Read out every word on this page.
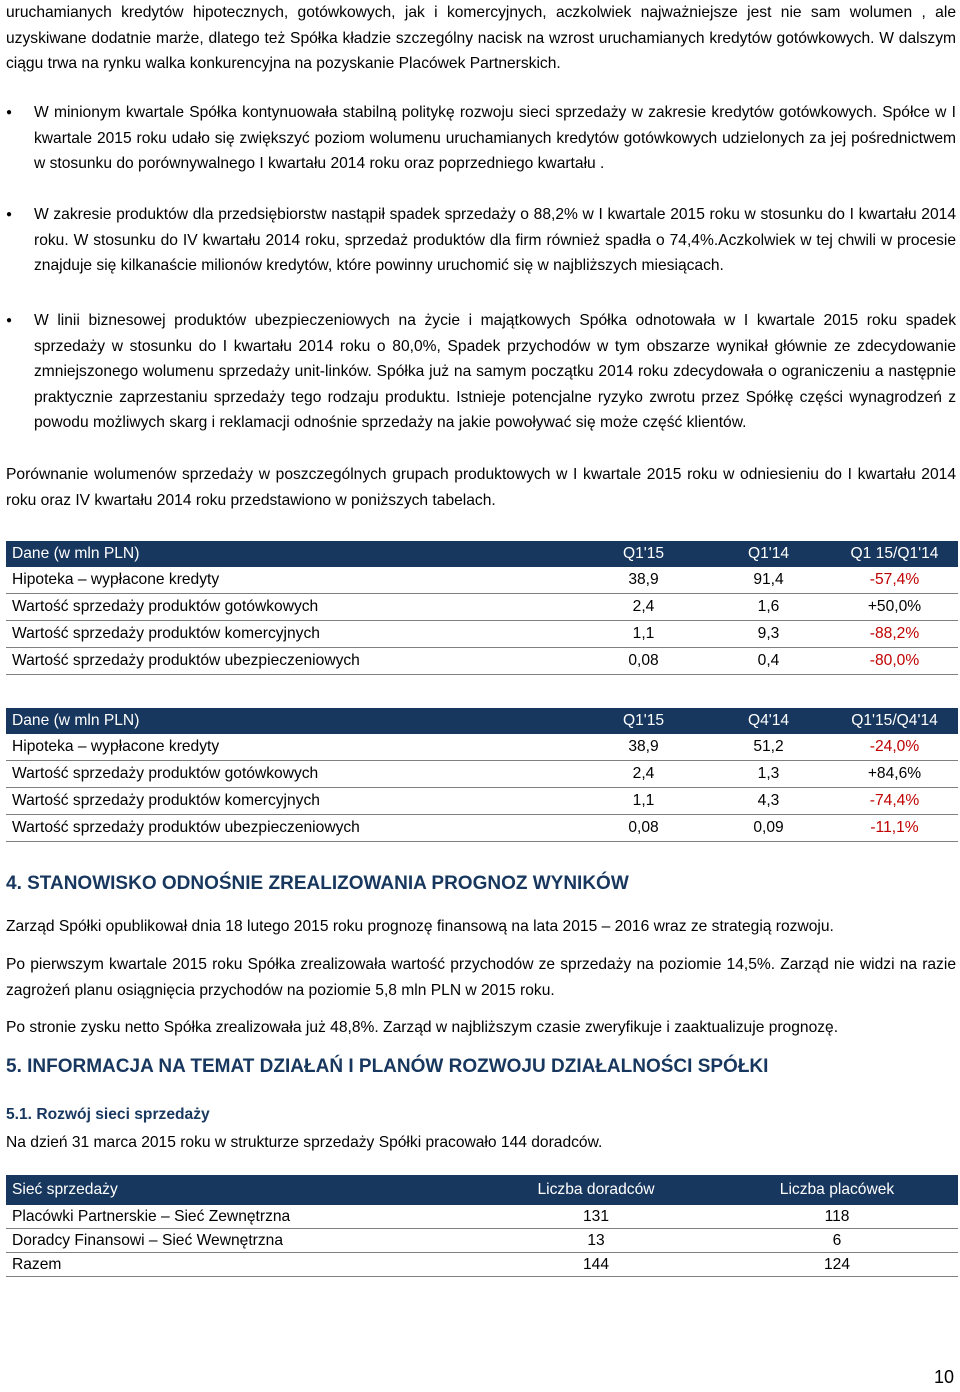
uruchamianych kredytów hipotecznych, gotówkowych, jak i komercyjnych, aczkolwiek najważniejsze jest nie sam wolumen , ale uzyskiwane dodatnie marże, dlatego też Spółka kładzie szczególny nacisk na wzrost uruchamianych kredytów gotówkowych. W dalszym ciągu trwa na rynku walka konkurencyjna na pozyskanie Placówek Partnerskich.

●	W minionym kwartale Spółka kontynuowała stabilną politykę rozwoju sieci sprzedaży w zakresie kredytów gotówkowych. Spółce w I kwartale 2015 roku udało się zwiększyć poziom wolumenu uruchamianych kredytów gotówkowych udzielonych za jej pośrednictwem w stosunku do porównywalnego I kwartału 2014 roku oraz poprzedniego kwartału .

●	W zakresie produktów dla przedsiębiorstw nastąpił spadek sprzedaży o 88,2% w I kwartale 2015 roku w stosunku do I kwartału 2014 roku. W stosunku do IV kwartału 2014 roku, sprzedaż produktów dla firm również spadła o 74,4%.Aczkolwiek w tej chwili w procesie znajduje się kilkanaście milionów kredytów, które powinny uruchomić się w najbliższych miesiącach.

●	W linii biznesowej produktów ubezpieczeniowych na życie i majątkowych Spółka odnotowała w I kwartale 2015 roku spadek sprzedaży w stosunku do I kwartału 2014 roku o 80,0%, Spadek przychodów w tym obszarze wynikał głównie ze zdecydowanie zmniejszonego wolumenu sprzedaży unit-linków. Spółka już na samym początku 2014 roku zdecydowała o ograniczeniu a następnie praktycznie zaprzestaniu sprzedaży tego rodzaju produktu. Istnieje potencjalne ryzyko zwrotu przez Spółkę części wynagrodzeń z powodu możliwych skarg i reklamacji odnośnie sprzedaży na jakie powoływać się może część klientów.

Porównanie wolumenów sprzedaży w poszczególnych grupach produktowych w I kwartale 2015 roku w odniesieniu do I kwartału 2014 roku oraz IV kwartału 2014 roku przedstawiono w poniższych tabelach.

Dane (w mln PLN)	Q1'15	Q1'14	Q1 15/Q1'14
Hipoteka – wypłacone kredyty	38,9	91,4	-57,4%
Wartość sprzedaży produktów gotówkowych	2,4	1,6	+50,0%
Wartość sprzedaży produktów komercyjnych	1,1	9,3	-88,2%
Wartość sprzedaży produktów ubezpieczeniowych	0,08	0,4	-80,0%
Dane (w mln PLN)	Q1'15	Q4'14	Q1'15/Q4'14
Hipoteka – wypłacone kredyty	38,9	51,2	-24,0%
Wartość sprzedaży produktów gotówkowych	2,4	1,3	+84,6%
Wartość sprzedaży produktów komercyjnych	1,1	4,3	-74,4%
Wartość sprzedaży produktów ubezpieczeniowych	0,08	0,09	-11,1%
4. STANOWISKO ODNOŚNIE ZREALIZOWANIA PROGNOZ WYNIKÓW

Zarząd Spółki opublikował dnia 18 lutego 2015 roku prognozę finansową na lata 2015 – 2016 wraz ze strategią rozwoju.

Po pierwszym kwartale 2015 roku Spółka zrealizowała wartość przychodów ze sprzedaży na poziomie 14,5%. Zarząd nie widzi na razie zagrożeń planu osiągnięcia przychodów na poziomie 5,8 mln PLN w 2015 roku.

Po stronie zysku netto Spółka zrealizowała już 48,8%. Zarząd w najbliższym czasie zweryfikuje i zaaktualizuje prognozę.

5. INFORMACJA NA TEMAT DZIAŁAŃ I PLANÓW ROZWOJU DZIAŁALNOŚCI SPÓŁKI
5.1. Rozwój sieci sprzedaży

Na dzień 31 marca 2015 roku w strukturze sprzedaży Spółki pracowało 144 doradców.

Sieć sprzedaży	Liczba doradców	Liczba placówek
Placówki Partnerskie – Sieć Zewnętrzna	131	118
Doradcy Finansowi – Sieć Wewnętrzna	13	6
Razem	144	124
10
